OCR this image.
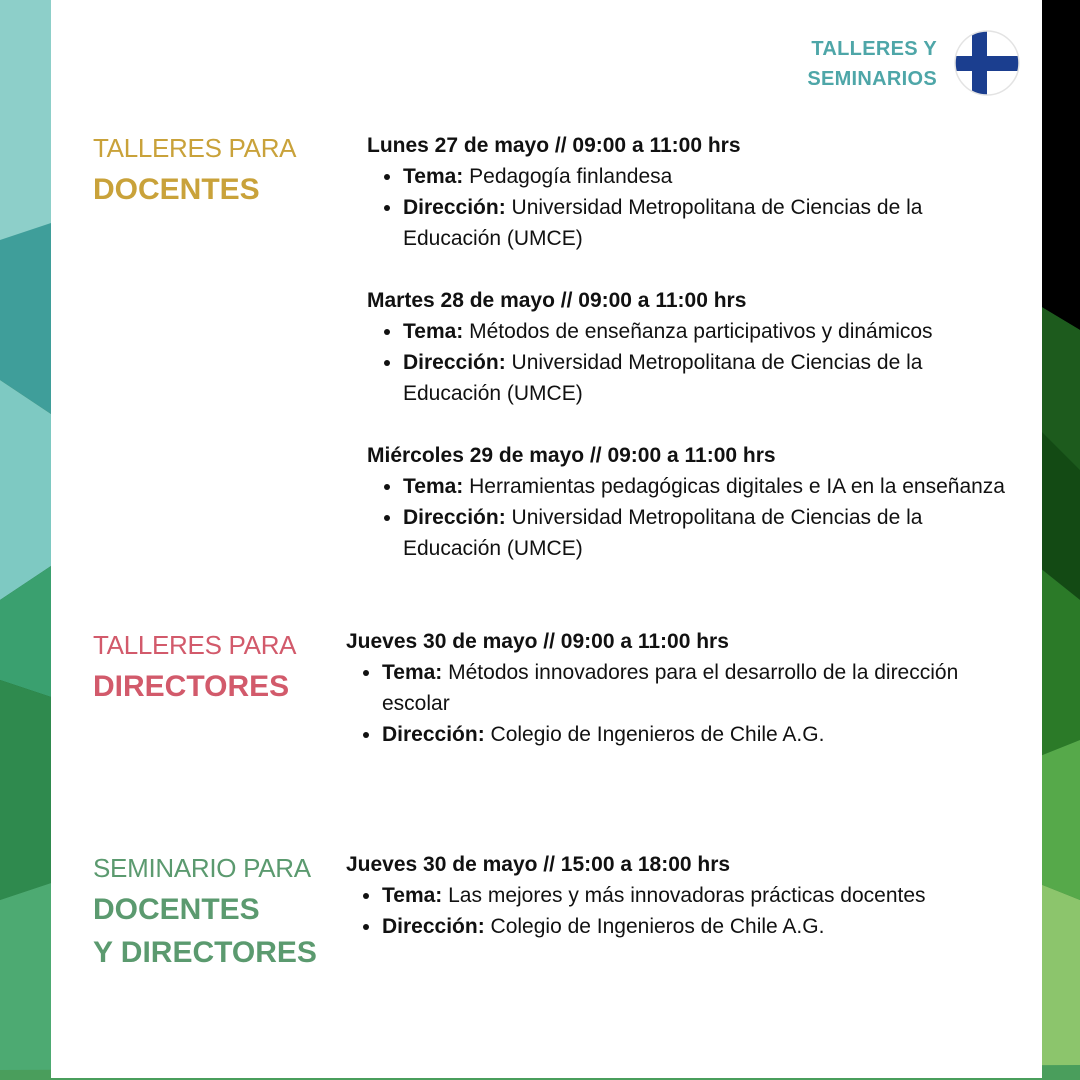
TALLERES Y
SEMINARIOS
TALLERES PARA
DOCENTES
Lunes 27 de mayo // 09:00 a 11:00 hrs
• Tema: Pedagogía finlandesa
• Dirección: Universidad Metropolitana de Ciencias de la Educación (UMCE)
Martes 28 de mayo // 09:00 a 11:00 hrs
• Tema: Métodos de enseñanza participativos y dinámicos
• Dirección: Universidad Metropolitana de Ciencias de la Educación (UMCE)
Miércoles 29 de mayo // 09:00 a 11:00 hrs
• Tema: Herramientas pedagógicas digitales e IA en la enseñanza
• Dirección: Universidad Metropolitana de Ciencias de la Educación (UMCE)
TALLERES PARA
DIRECTORES
Jueves 30 de mayo // 09:00 a 11:00 hrs
• Tema: Métodos innovadores para el desarrollo de la dirección escolar
• Dirección: Colegio de Ingenieros de Chile A.G.
SEMINARIO PARA
DOCENTES
Y DIRECTORES
Jueves 30 de mayo // 15:00 a 18:00 hrs
• Tema: Las mejores y más innovadoras prácticas docentes
• Dirección: Colegio de Ingenieros de Chile A.G.
